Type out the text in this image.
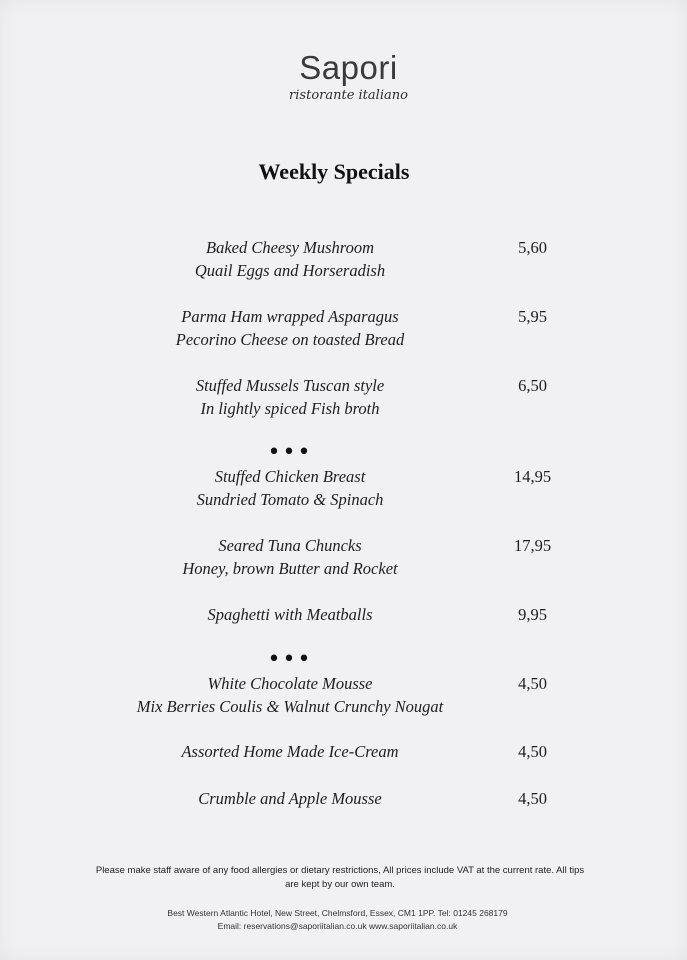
Sapori
ristorante italiano
Weekly Specials
Baked Cheesy Mushroom
Quail Eggs and Horseradish
5,60
Parma Ham wrapped Asparagus
Pecorino Cheese on toasted Bread
5,95
Stuffed Mussels Tuscan style
In lightly spiced Fish broth
6,50
•••
Stuffed Chicken Breast
Sundried Tomato & Spinach
14,95
Seared Tuna Chuncks
Honey, brown Butter and Rocket
17,95
Spaghetti with Meatballs	9,95
•••
White Chocolate Mousse
Mix Berries Coulis & Walnut Crunchy Nougat
4,50
Assorted Home Made Ice-Cream	4,50
Crumble and Apple Mousse	4,50
Please make staff aware of any food allergies or dietary restrictions, All prices include VAT at the current rate. All tips
are kept by our own team.
Best Western Atlantic Hotel, New Street, Chelmsford, Essex, CM1 1PP. Tel: 01245 268179
Email: reservations@saporiitalian.co.uk www.saporiitalian.co.uk
